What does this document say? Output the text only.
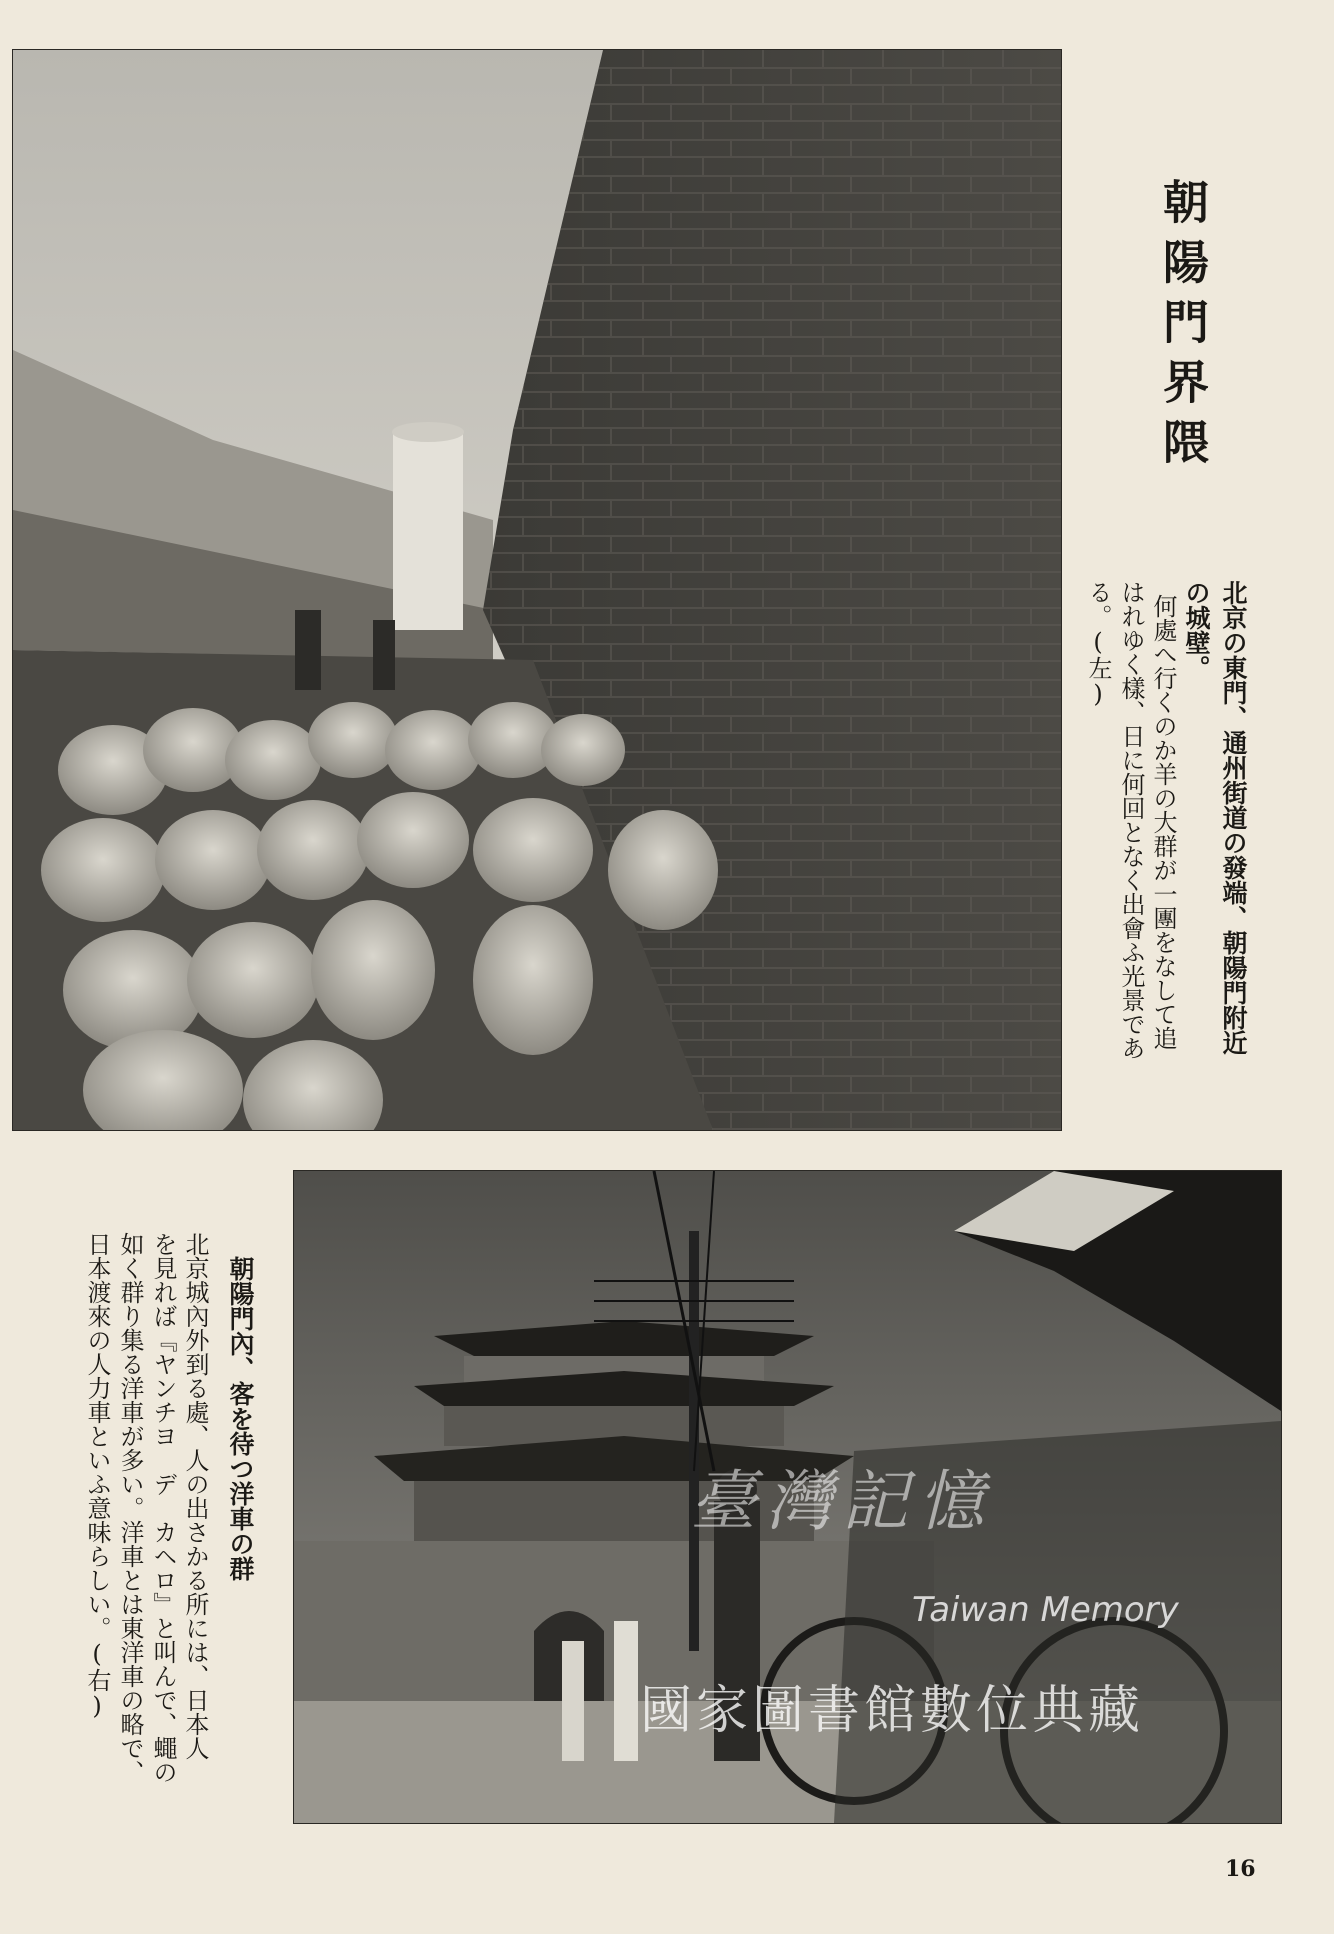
朝陽門界隈
北京の東門、通州街道の發端、朝陽門附近
の城壁。
何處へ行くのか羊の大群が一團をなして追
はれゆく樣、日に何回となく出會ふ光景であ
る。(左)
朝陽門內、客を待つ洋車の群
北京城內外到る處、人の出さかる所には、日本人
を見れば『ヤンチヨ　デ　カヘロ』と叫んで、蠅の
如く群り集る洋車が多い。洋車とは東洋車の略で、
日本渡來の人力車といふ意味らしい。(右)
16
臺灣記憶
Taiwan Memory
國家圖書館數位典藏
